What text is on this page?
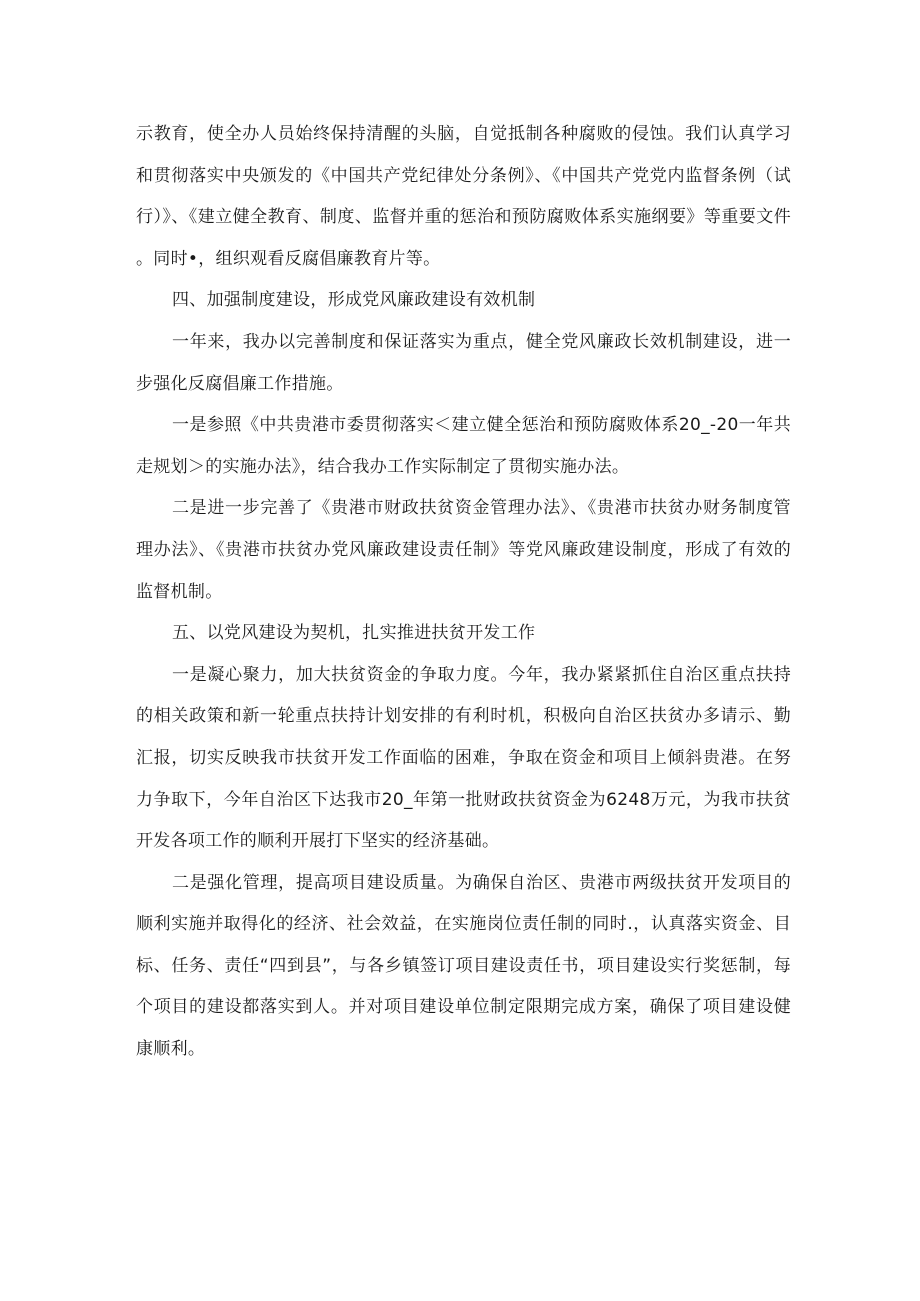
示教育，使全办人员始终保持清醒的头脑，自觉抵制各种腐败的侵蚀。我们认真学习和贯彻落实中央颁发的《中国共产党纪律处分条例》、《中国共产党党内监督条例（试行）》、《建立健全教育、制度、监督并重的惩治和预防腐败体系实施纲要》等重要文件。同时•，组织观看反腐倡廉教育片等。

四、加强制度建设，形成党风廉政建设有效机制

一年来，我办以完善制度和保证落实为重点，健全党风廉政长效机制建设，进一步强化反腐倡廉工作措施。

一是参照《中共贵港市委贯彻落实＜建立健全惩治和预防腐败体系20_-20一年共走规划＞的实施办法》，结合我办工作实际制定了贯彻实施办法。

二是进一步完善了《贵港市财政扶贫资金管理办法》、《贵港市扶贫办财务制度管理办法》、《贵港市扶贫办党风廉政建设责任制》等党风廉政建设制度，形成了有效的监督机制。

五、以党风建设为契机，扎实推进扶贫开发工作

一是凝心聚力，加大扶贫资金的争取力度。今年，我办紧紧抓住自治区重点扶持的相关政策和新一轮重点扶持计划安排的有利时机，积极向自治区扶贫办多请示、勤汇报，切实反映我市扶贫开发工作面临的困难，争取在资金和项目上倾斜贵港。在努力争取下，今年自治区下达我市20_年第一批财政扶贫资金为6248万元，为我市扶贫开发各项工作的顺利开展打下坚实的经济基础。

二是强化管理，提高项目建设质量。为确保自治区、贵港市两级扶贫开发项目的顺利实施并取得化的经济、社会效益，在实施岗位责任制的同时.，认真落实资金、目标、任务、责任“四到县”，与各乡镇签订项目建设责任书，项目建设实行奖惩制，每个项目的建设都落实到人。并对项目建设单位制定限期完成方案，确保了项目建设健康顺利。
